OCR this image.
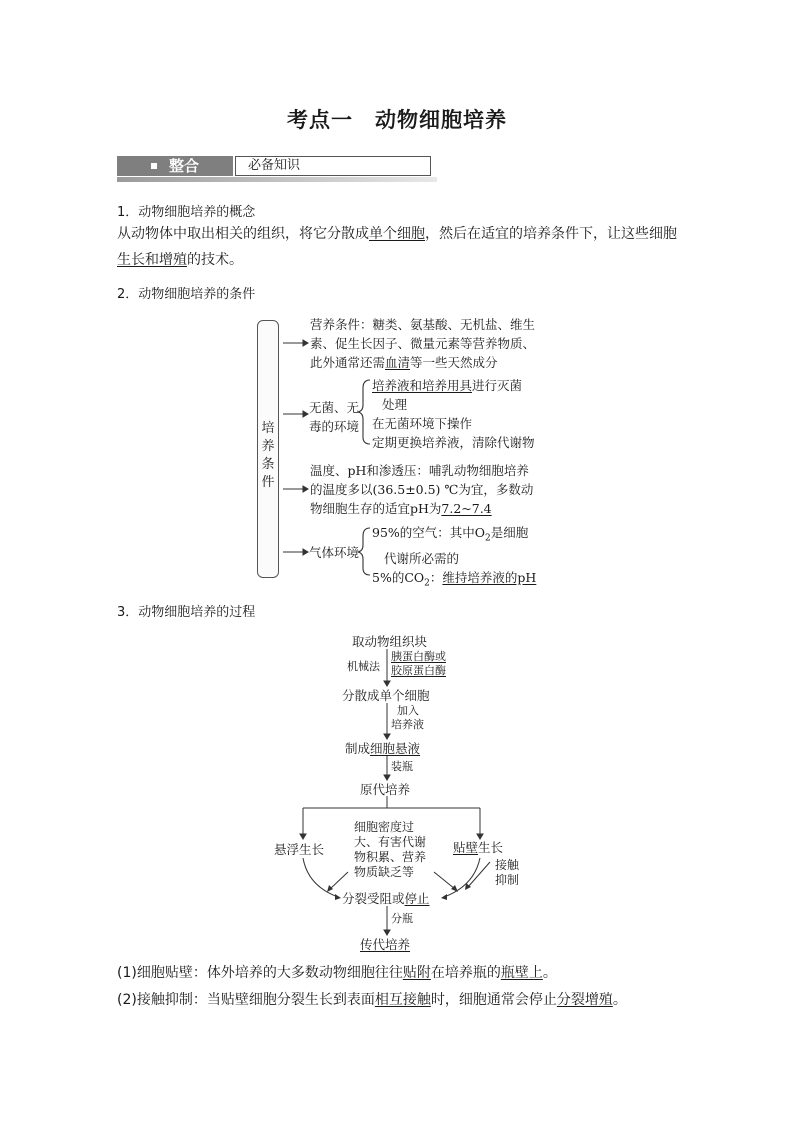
考点一　动物细胞培养
整合	必备知识
1．动物细胞培养的概念
从动物体中取出相关的组织，将它分散成单个细胞，然后在适宜的培养条件下，让这些细胞
生长和增殖的技术。
2．动物细胞培养的条件
培
养
条
件
营养条件：糖类、氨基酸、无机盐、维生
素、促生长因子、微量元素等营养物质、
此外通常还需血清等一些天然成分
无菌、无
毒的环境
培养液和培养用具进行灭菌
处理
在无菌环境下操作
定期更换培养液，清除代谢物
温度、pH和渗透压：哺乳动物细胞培养
的温度多以(36.5±0.5) ℃为宜，多数动
物细胞生存的适宜pH为7.2~7.4
气体环境
95%的空气：其中$O_2$是细胞
代谢所必需的
5%的$CO_2$：维持培养液的pH
3．动物细胞培养的过程
取动物组织块
机械法
胰蛋白酶或
胶原蛋白酶
分散成单个细胞
加入
培养液
制成细胞悬液
装瓶
原代培养
悬浮生长	贴壁生长
细胞密度过
大、有害代谢
物积累、营养
物质缺乏等	接触
抑制
分裂受阻或停止
分瓶
传代培养
(1)细胞贴壁：体外培养的大多数动物细胞往往贴附在培养瓶的瓶壁上。
(2)接触抑制：当贴壁细胞分裂生长到表面相互接触时，细胞通常会停止分裂增殖。
